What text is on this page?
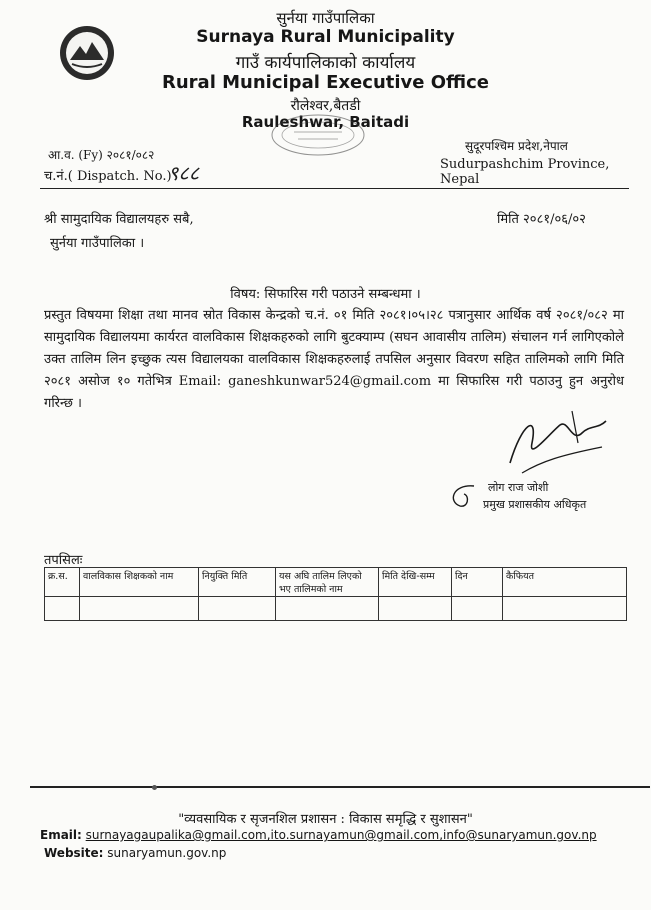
सुर्नया गाउँपालिका
Surnaya Rural Municipality
गाउँ कार्यपालिकाको कार्यालय
Rural Municipal Executive Office
रौलेश्वर,बैतडी
Rauleshwar, Baitadi
आ.व. (Fy) २०८१/०८२
च.नं.( Dispatch. No.)
९८८
सुदूरपश्चिम प्रदेश,नेपाल
Sudurpashchim Province, Nepal
श्री सामुदायिक विद्यालयहरु सबै,
सुर्नया गाउँपालिका ।
मिति २०८१/०६/०२
विषय: सिफारिस गरी पठाउने सम्बन्धमा ।
प्रस्तुत विषयमा शिक्षा तथा मानव स्रोत विकास केन्द्रको च.नं. ०१ मिति २०८१।०५।२८ पत्रानुसार आर्थिक वर्ष २०८१/०८२ मा सामुदायिक विद्यालयमा कार्यरत वालविकास शिक्षकहरुको लागि बुटक्याम्प (सघन आवासीय तालिम) संचालन गर्न लागिएकोले उक्त तालिम लिन इच्छुक त्यस विद्यालयका वालविकास शिक्षकहरुलाई तपसिल अनुसार विवरण सहित तालिमको लागि मिति २०८१ असोज १० गतेभित्र Email: ganeshkunwar524@gmail.com मा सिफारिस गरी पठाउनु हुन अनुरोध गरिन्छ ।
लोग राज जोशी
प्रमुख प्रशासकीय अधिकृत
तपसिलः
क्र.स.	वालविकास शिक्षकको नाम	नियुक्ति मिति	यस अघि तालिम लिएको भए तालिमको नाम	मिति देखि-सम्म	दिन	कैफियत

"व्यवसायिक र सृजनशिल प्रशासन : विकास समृद्धि र सुशासन"
Email: surnayagaupalika@gmail.com,ito.surnayamun@gmail.com,info@sunaryamun.gov.np
Website: sunaryamun.gov.np
